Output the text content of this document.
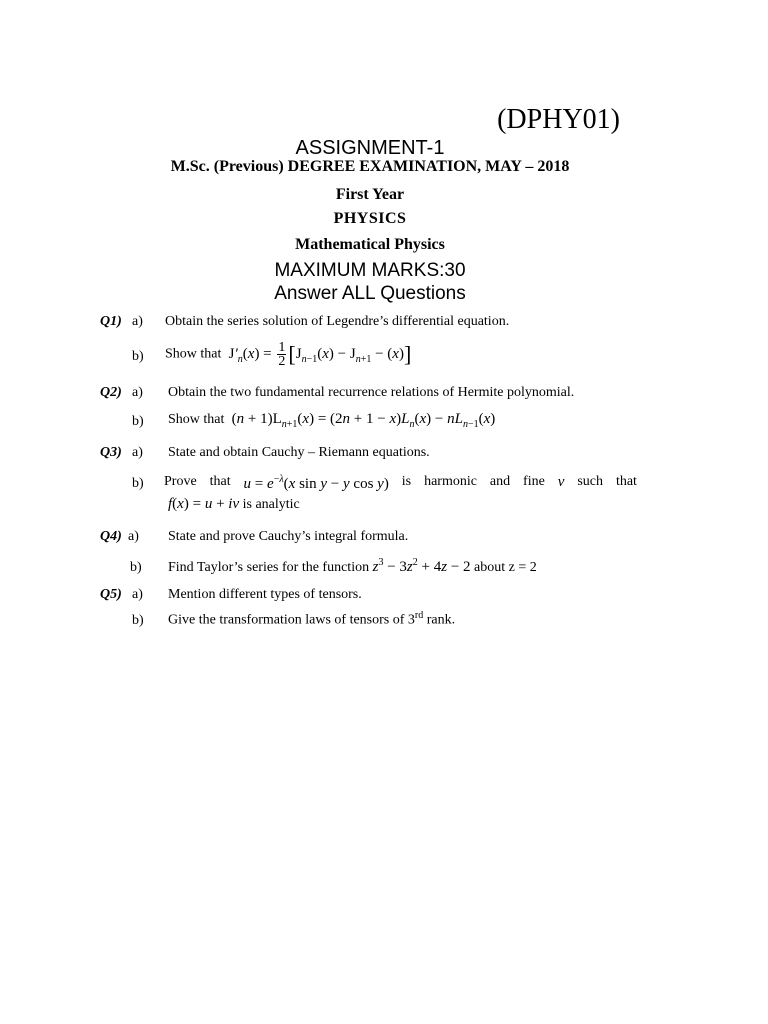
(DPHY01)
ASSIGNMENT-1
M.Sc. (Previous) DEGREE EXAMINATION, MAY – 2018
First Year
PHYSICS
Mathematical Physics
MAXIMUM MARKS:30
Answer ALL Questions
Q1) a) Obtain the series solution of Legendre’s differential equation.
b) Show that  $J'_n(x) = \frac{1}{2} [J_{n-1}(x) - J_{n+1} - (x)]$
Q2) a) Obtain the two fundamental recurrence relations of Hermite polynomial.
b) Show that  $(n + 1)L_{n+1}(x) = (2n + 1 - x)L_n(x) - nL_{n-1}(x)$
Q3) a) State and obtain Cauchy – Riemann equations.
b) Prove that $u = e^{-\lambda}(x$ sin y − y cos y) is harmonic and fine v such that
f(x) = u + iv is analytic
Q4) a) State and prove Cauchy’s integral formula.
b) Find Taylor’s series for the function $z^3 - 3z^2 + 4z - 2$ about z = 2
Q5) a) Mention different types of tensors.
b) Give the transformation laws of tensors of 3rd rank.
